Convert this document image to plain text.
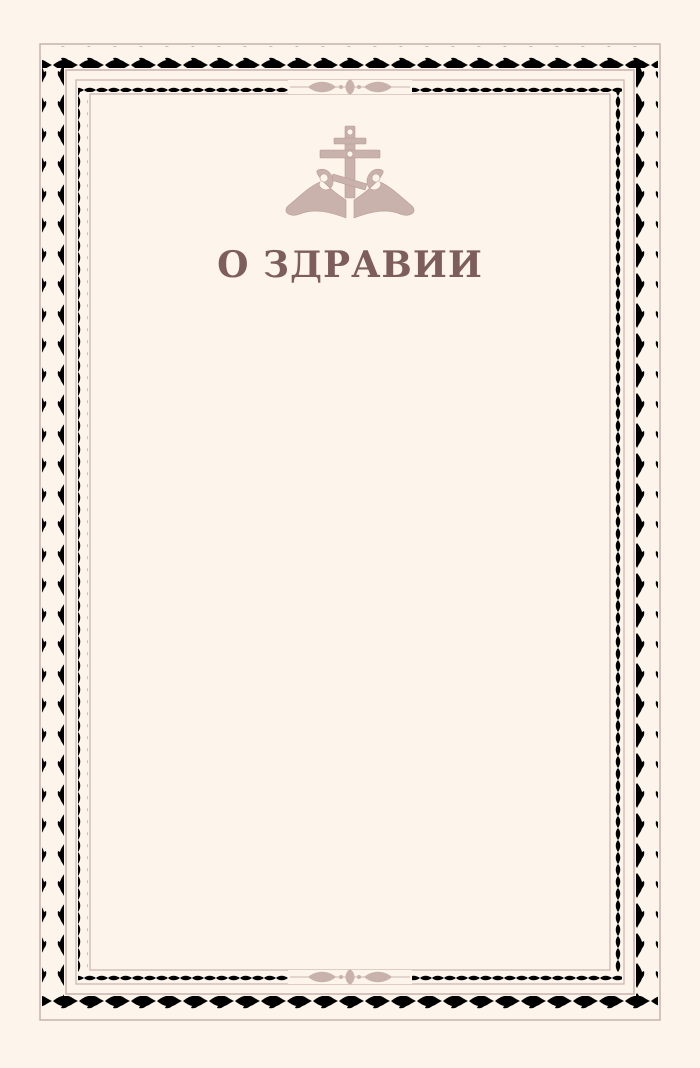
О ЗДРАВИИ
